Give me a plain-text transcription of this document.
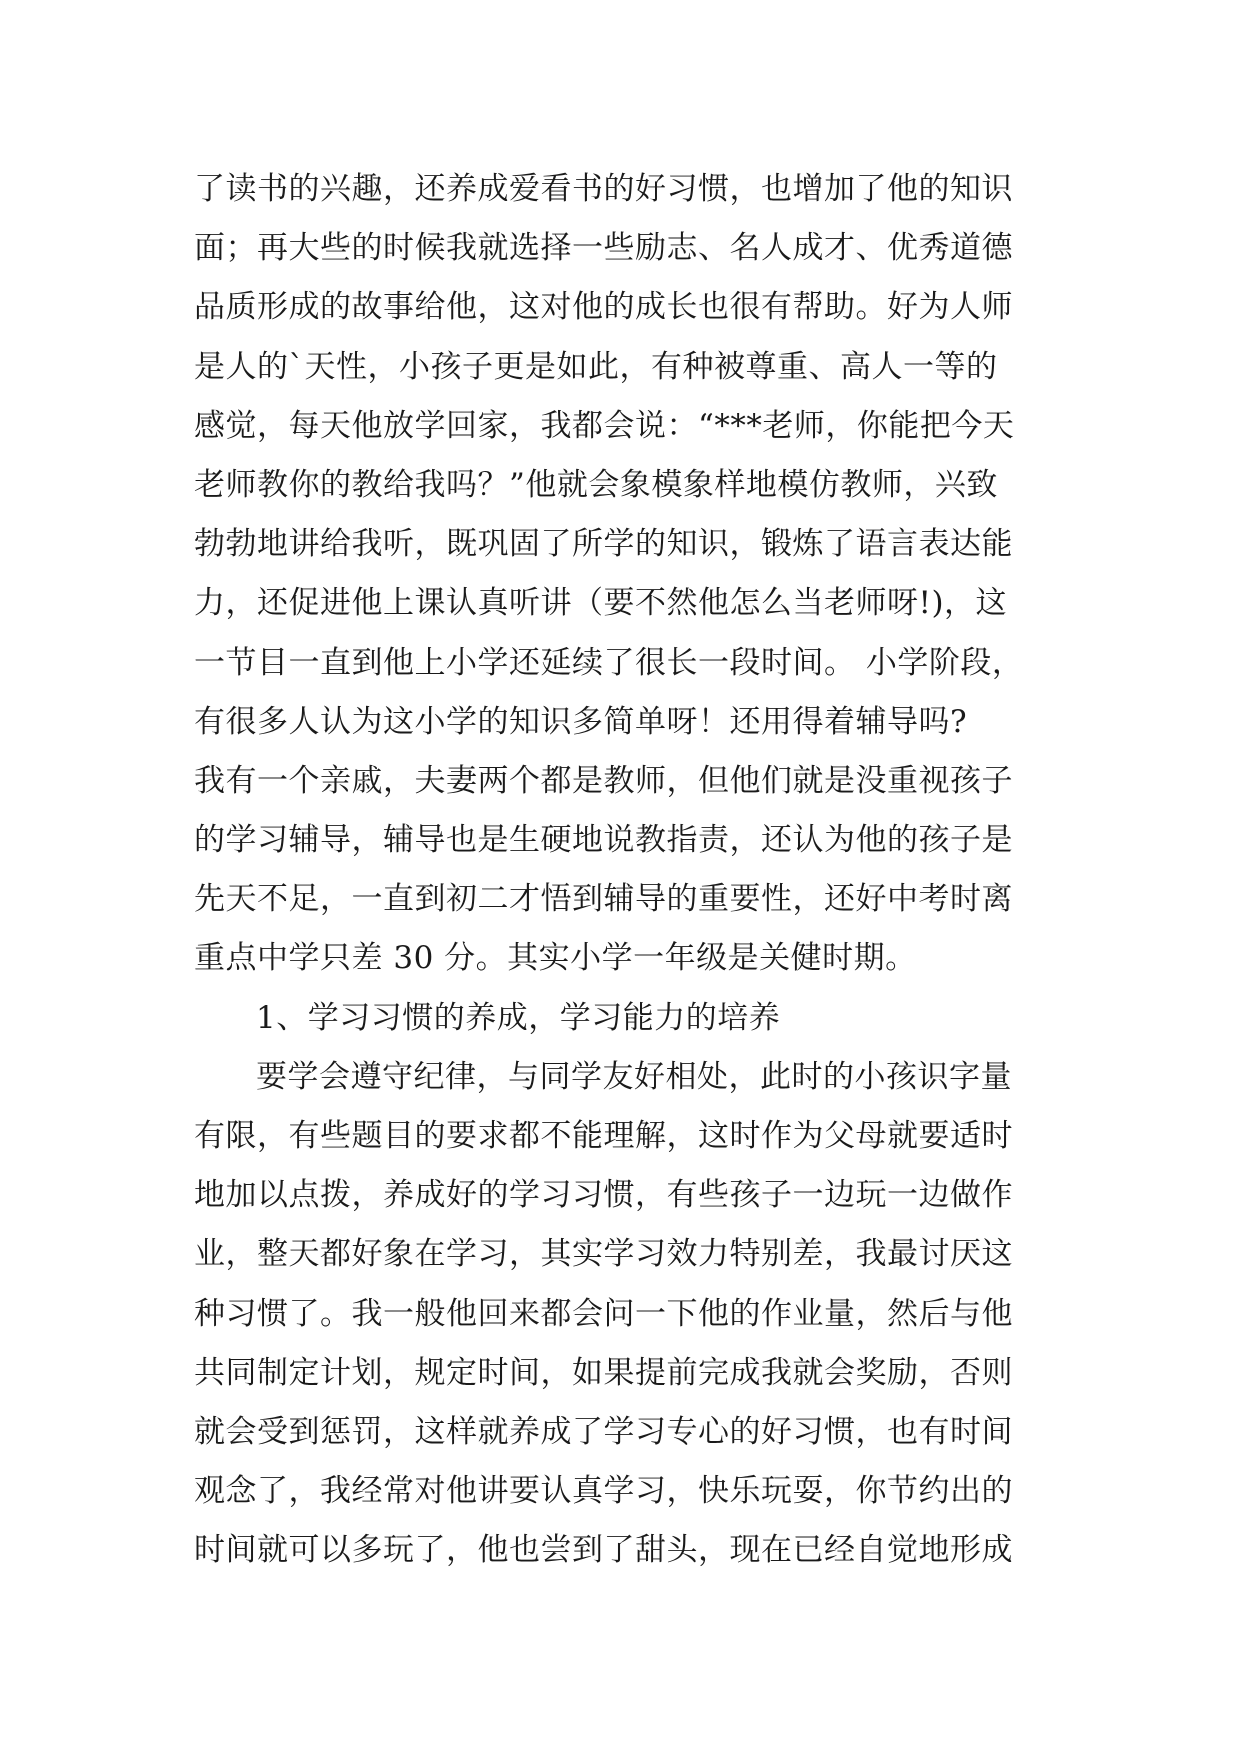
了读书的兴趣，还养成爱看书的好习惯，也增加了他的知识
面；再大些的时候我就选择一些励志、名人成才、优秀道德
品质形成的故事给他，这对他的成长也很有帮助。好为人师
是人的`天性，小孩子更是如此，有种被尊重、高人一等的
感觉，每天他放学回家，我都会说：“***老师，你能把今天
老师教你的教给我吗？”他就会象模象样地模仿教师，兴致
勃勃地讲给我听，既巩固了所学的知识，锻炼了语言表达能
力，还促进他上课认真听讲（要不然他怎么当老师呀!)，这
一节目一直到他上小学还延续了很长一段时间。 小学阶段，
有很多人认为这小学的知识多简单呀！还用得着辅导吗?
我有一个亲戚，夫妻两个都是教师，但他们就是没重视孩子
的学习辅导，辅导也是生硬地说教指责，还认为他的孩子是
先天不足，一直到初二才悟到辅导的重要性，还好中考时离
重点中学只差 30 分。其实小学一年级是关健时期。
1、学习习惯的养成，学习能力的培养
要学会遵守纪律，与同学友好相处，此时的小孩识字量
有限，有些题目的要求都不能理解，这时作为父母就要适时
地加以点拨，养成好的学习习惯，有些孩子一边玩一边做作
业，整天都好象在学习，其实学习效力特别差，我最讨厌这
种习惯了。我一般他回来都会问一下他的作业量，然后与他
共同制定计划，规定时间，如果提前完成我就会奖励，否则
就会受到惩罚，这样就养成了学习专心的好习惯，也有时间
观念了，我经常对他讲要认真学习，快乐玩耍，你节约出的
时间就可以多玩了，他也尝到了甜头，现在已经自觉地形成
